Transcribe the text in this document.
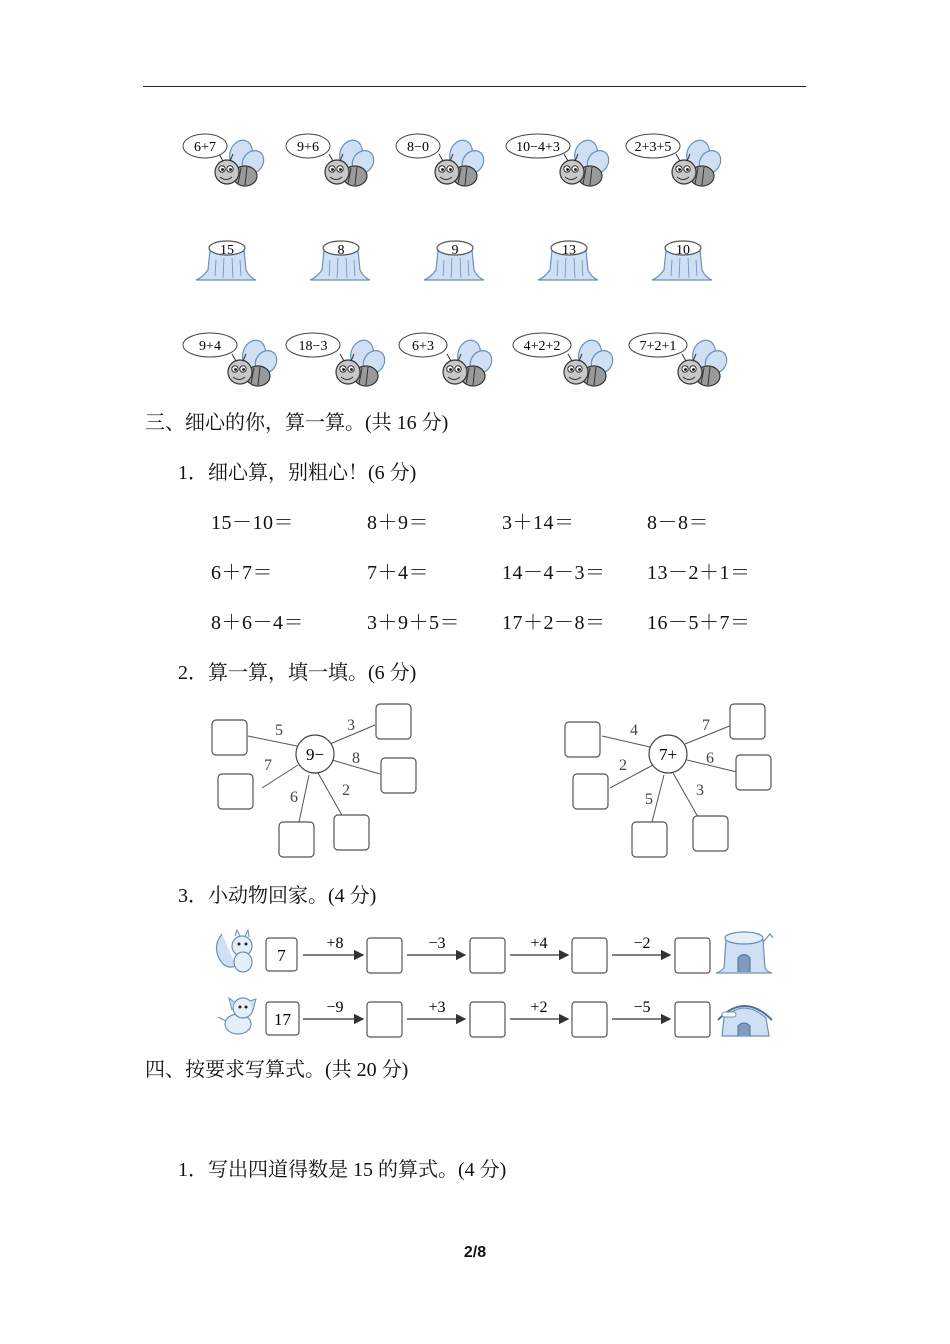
6+7	9+6	8−0	10−4+3	2+3+5
15	8	9	13	10
9+4	18−3	6+3	4+2+2	7+2+1
三、细心的你，算一算。(共 16 分)
1．细心算，别粗心！(6 分)
15－10＝	8＋9＝	3＋14＝	8－8＝
6＋7＝	7＋4＝	14－4－3＝ 13－2＋1＝
8＋6－4＝	3＋9＋5＝ 17＋2－8＝ 16－5＋7＝
2．算一算，填一填。(6 分)
9−
5	3
8
2
6
7
7+
4	7
6
3
5
2
3．小动物回家。(4 分)
7
+8	−3	+4	−2
17
−9	+3	+2	−5
四、按要求写算式。(共 20 分)
1．写出四道得数是 15 的算式。(4 分)
2/8
